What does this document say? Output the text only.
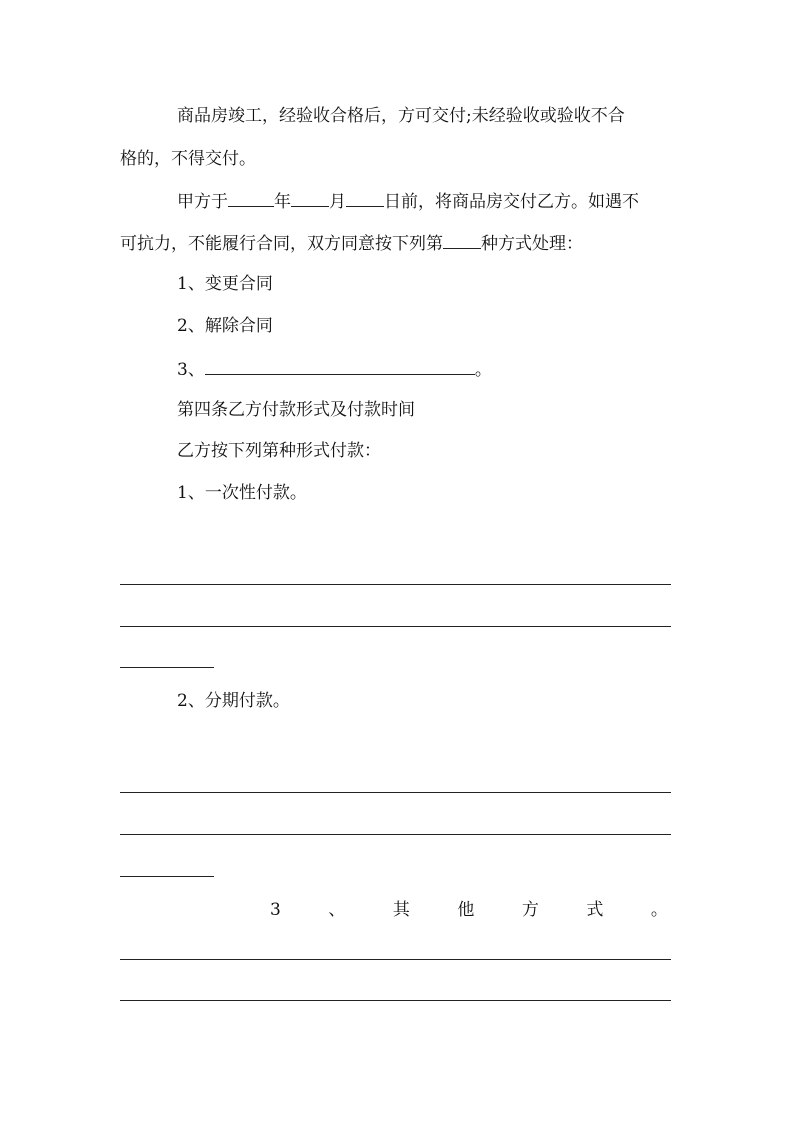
商品房竣工，经验收合格后，方可交付;未经验收或验收不合
格的，不得交付。
甲方于	年 月 日前，将商品房交付乙方。如遇不
可抗力，不能履行合同，双方同意按下列第 种方式处理：
1、变更合同
2、解除合同
3、	。
第四条乙方付款形式及付款时间
乙方按下列第种形式付款：
1、一次性付款。
2、分期付款。
3	、	其	他	方	式	。
